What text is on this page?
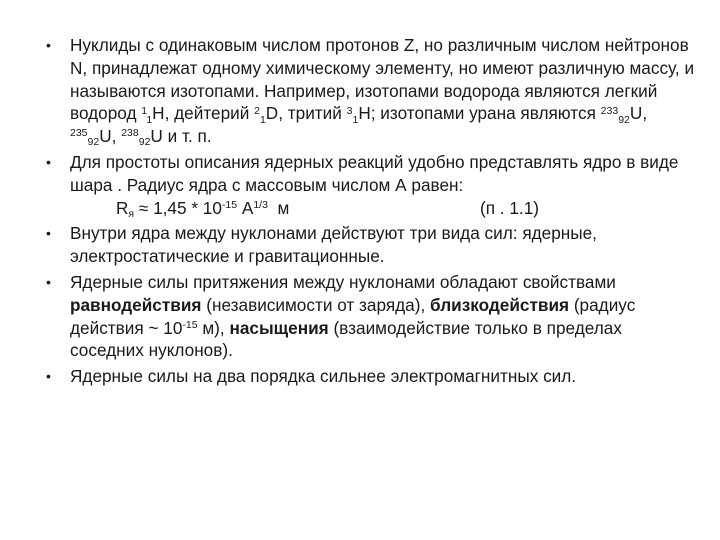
• Нуклиды с одинаковым числом протонов Z, но различным числом нейтронов N, принадлежат одному химическому элементу, но имеют различную массу, и называются изотопами. Например, изотопами водорода являются легкий водород $^1_1$H, дейтерий $^2_1$D, тритий $^3_1$H; изотопами урана являются $^{233}_{92}$U, $^{235}_{92}$U, $^{238}_{92}$U и т. п.
• Для простоты описания ядерных реакций удобно представлять ядро в виде шара . Радиус ядра с массовым числом А равен:
$R_я \approx 1,45 * 10^{-15}$ $A^{1/3}$  м	(п . 1.1)
• Внутри ядра между нуклонами действуют три вида сил: ядерные, электростатические и гравитационные.
• Ядерные силы притяжения между нуклонами обладают свойствами равнодействия (независимости от заряда), близкодействия (радиус действия ~ $10^{-15}$ м), насыщения (взаимодействие только в пределах соседних нуклонов).
• Ядерные силы на два порядка сильнее электромагнитных сил.
